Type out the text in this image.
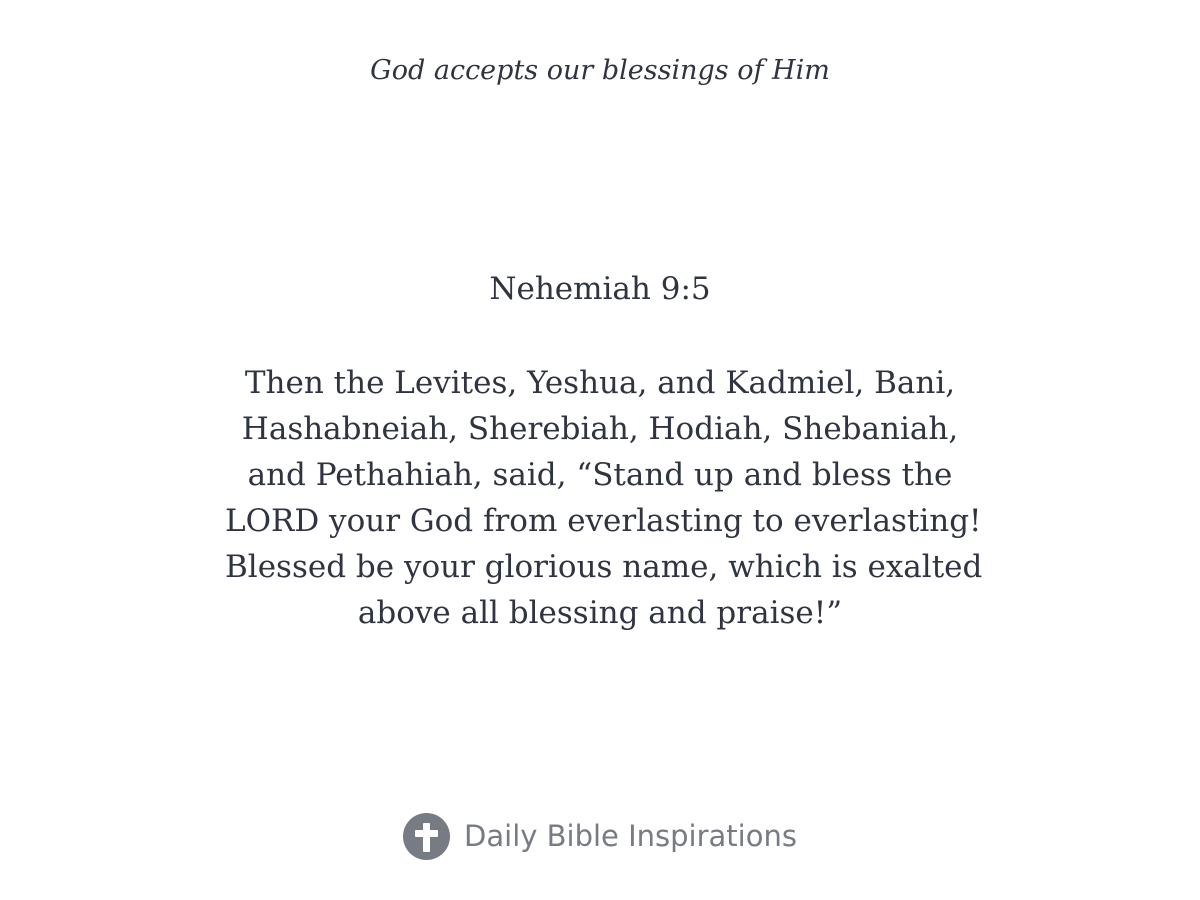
God accepts our blessings of Him
Nehemiah 9:5
Then the Levites, Yeshua, and Kadmiel, Bani,
Hashabneiah, Sherebiah, Hodiah, Shebaniah,
and Pethahiah, said, “Stand up and bless the
LORD your God from everlasting to everlasting!
Blessed be your glorious name, which is exalted
above all blessing and praise!”
Daily Bible Inspirations
